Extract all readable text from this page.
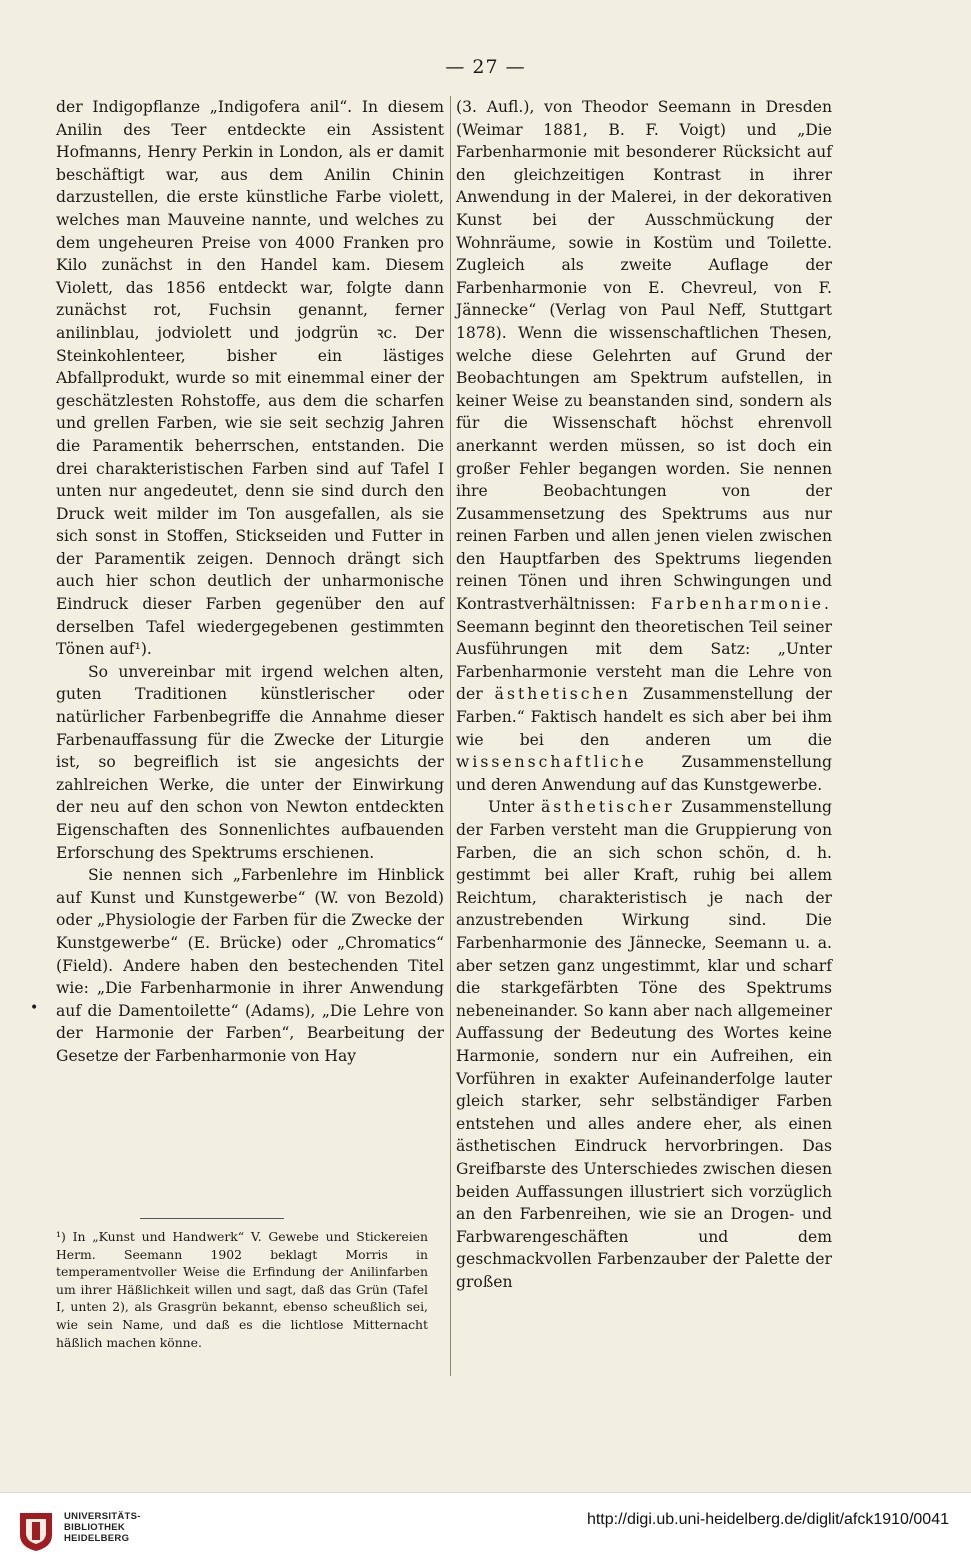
— 27 —

der Indigopflanze „Indigofera anil“. In diesem Anilin des Teer entdeckte ein Assistent Hofmanns, Henry Perkin in London, als er damit beschäftigt war, aus dem Anilin Chinin darzustellen, die erste künstliche Farbe violett, welches man Mauveine nannte, und welches zu dem ungeheuren Preise von 4000 Franken pro Kilo zunächst in den Handel kam. Diesem Violett, das 1856 entdeckt war, folgte dann zunächst rot, Fuchsin genannt, ferner anilinblau, jodviolett und jodgrün ꝛc. Der Steinkohlenteer, bisher ein lästiges Abfallprodukt, wurde so mit einemmal einer der geschätzlesten Rohstoffe, aus dem die scharfen und grellen Farben, wie sie seit sechzig Jahren die Paramentik beherrschen, entstanden. Die drei charakteristischen Farben sind auf Tafel I unten nur angedeutet, denn sie sind durch den Druck weit milder im Ton ausgefallen, als sie sich sonst in Stoffen, Stickseiden und Futter in der Paramentik zeigen. Dennoch drängt sich auch hier schon deutlich der unharmonische Eindruck dieser Farben gegenüber den auf derselben Tafel wiedergegebenen gestimmten Tönen auf¹).

So unvereinbar mit irgend welchen alten, guten Traditionen künstlerischer oder natürlicher Farbenbegriffe die Annahme dieser Farbenauffassung für die Zwecke der Liturgie ist, so begreiflich ist sie angesichts der zahlreichen Werke, die unter der Einwirkung der neu auf den schon von Newton entdeckten Eigenschaften des Sonnenlichtes aufbauenden Erforschung des Spektrums erschienen.

Sie nennen sich „Farbenlehre im Hinblick auf Kunst und Kunstgewerbe“ (W. von Bezold) oder „Physiologie der Farben für die Zwecke der Kunstgewerbe“ (E. Brücke) oder „Chromatics“ (Field). Andere haben den bestechenden Titel wie: „Die Farbenharmonie in ihrer Anwendung auf die Damentoilette“ (Adams), „Die Lehre von der Harmonie der Farben“, Bearbeitung der Gesetze der Farbenharmonie von Hay

(3. Aufl.), von Theodor Seemann in Dresden (Weimar 1881, B. F. Voigt) und „Die Farbenharmonie mit besonderer Rücksicht auf den gleichzeitigen Kontrast in ihrer Anwendung in der Malerei, in der dekorativen Kunst bei der Ausschmückung der Wohnräume, sowie in Kostüm und Toilette. Zugleich als zweite Auflage der Farbenharmonie von E. Chevreul, von F. Jännecke“ (Verlag von Paul Neff, Stuttgart 1878). Wenn die wissenschaftlichen Thesen, welche diese Gelehrten auf Grund der Beobachtungen am Spektrum aufstellen, in keiner Weise zu beanstanden sind, sondern als für die Wissenschaft höchst ehrenvoll anerkannt werden müssen, so ist doch ein großer Fehler begangen worden. Sie nennen ihre Beobachtungen von der Zusammensetzung des Spektrums aus nur reinen Farben und allen jenen vielen zwischen den Hauptfarben des Spektrums liegenden reinen Tönen und ihren Schwingungen und Kontrastverhältnissen: Farbenharmonie. Seemann beginnt den theoretischen Teil seiner Ausführungen mit dem Satz: „Unter Farbenharmonie versteht man die Lehre von der ästhetischen Zusammenstellung der Farben.“ Faktisch handelt es sich aber bei ihm wie bei den anderen um die wissenschaftliche Zusammenstellung und deren Anwendung auf das Kunstgewerbe.

Unter ästhetischer Zusammenstellung der Farben versteht man die Gruppierung von Farben, die an sich schon schön, d. h. gestimmt bei aller Kraft, ruhig bei allem Reichtum, charakteristisch je nach der anzustrebenden Wirkung sind. Die Farbenharmonie des Jännecke, Seemann u. a. aber setzen ganz ungestimmt, klar und scharf die starkgefärbten Töne des Spektrums nebeneinander. So kann aber nach allgemeiner Auffassung der Bedeutung des Wortes keine Harmonie, sondern nur ein Aufreihen, ein Vorführen in exakter Aufeinanderfolge lauter gleich starker, sehr selbständiger Farben entstehen und alles andere eher, als einen ästhetischen Eindruck hervorbringen. Das Greifbarste des Unterschiedes zwischen diesen beiden Auffassungen illustriert sich vorzüglich an den Farbenreihen, wie sie an Drogen- und Farbwarengeschäften und dem geschmackvollen Farbenzauber der Palette der großen

•
¹) In „Kunst und Handwerk“ V. Gewebe und Stickereien Herm. Seemann 1902 beklagt Morris in temperamentvoller Weise die Erfindung der Anilinfarben um ihrer Häßlichkeit willen und sagt, daß das Grün (Tafel I, unten 2), als Grasgrün bekannt, ebenso scheußlich sei, wie sein Name, und daß es die lichtlose Mitternacht häßlich machen könne.
UNIVERSITÄTS-
BIBLIOTHEK
HEIDELBERG
http://digi.ub.uni-heidelberg.de/diglit/afck1910/0041
